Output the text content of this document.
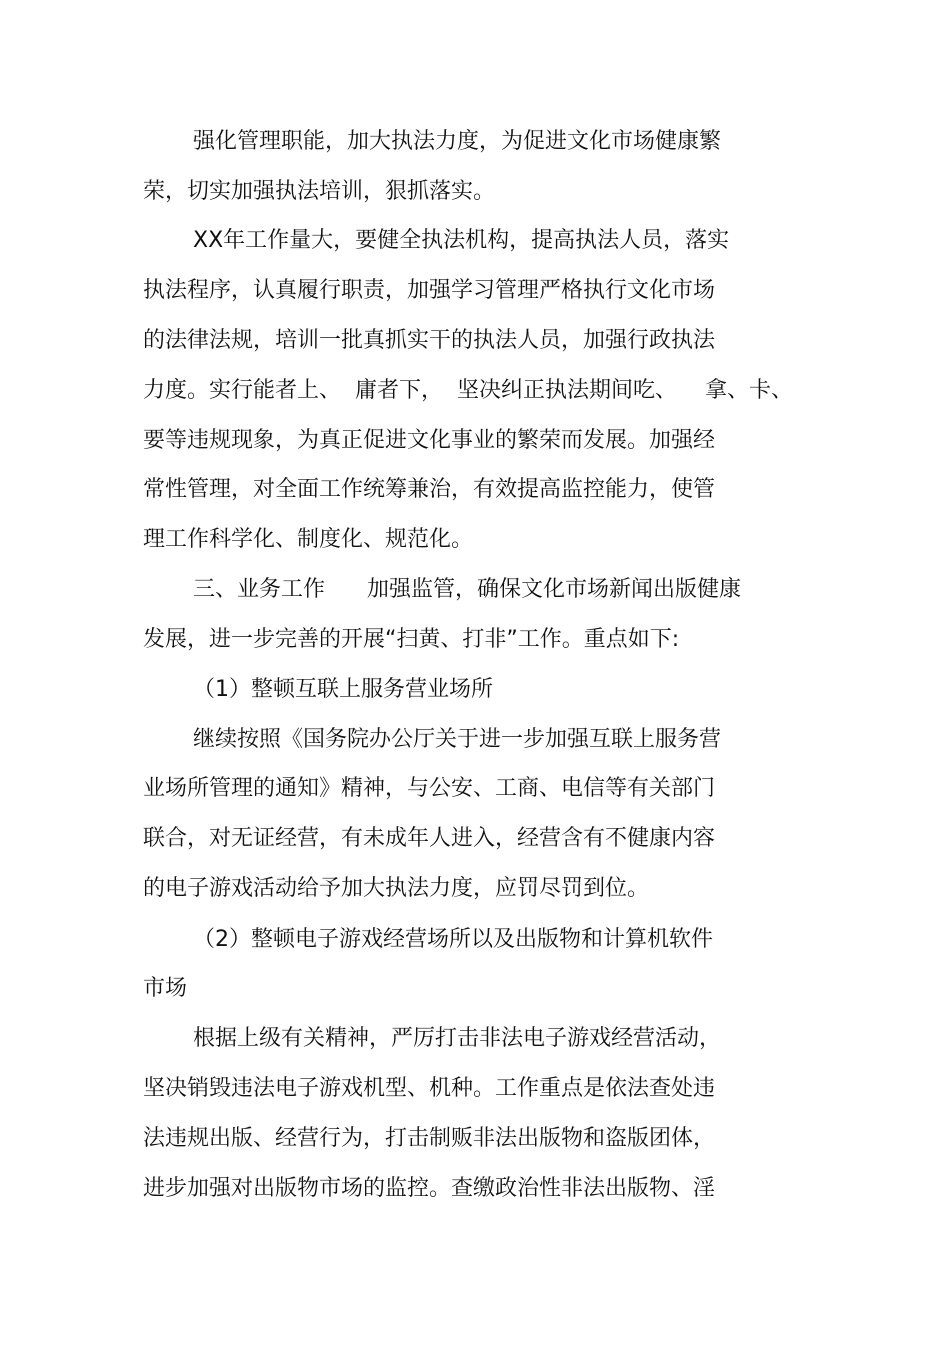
强化管理职能，加大执法力度，为促进文化市场健康繁

荣，切实加强执法培训，狠抓落实。

XX年工作量大，要健全执法机构，提高执法人员，落实

执法程序，认真履行职责，加强学习管理严格执行文化市场

的法律法规，培训一批真抓实干的执法人员，加强行政执法

力度。实行能者上、  庸者下，  坚决纠正执法期间吃、    拿、卡、

要等违规现象，为真正促进文化事业的繁荣而发展。加强经

常性管理，对全面工作统筹兼治，有效提高监控能力，使管

理工作科学化、制度化、规范化。

三、业务工作      加强监管，确保文化市场新闻出版健康

发展，进一步完善的开展“扫黄、打非”工作。重点如下:

（1）整顿互联上服务营业场所

继续按照《国务院办公厅关于进一步加强互联上服务营

业场所管理的通知》精神，与公安、工商、电信等有关部门

联合，对无证经营，有未成年人进入，经营含有不健康内容

的电子游戏活动给予加大执法力度，应罚尽罚到位。

（2）整顿电子游戏经营场所以及出版物和计算机软件

市场

根据上级有关精神，严厉打击非法电子游戏经营活动，

坚决销毁违法电子游戏机型、机种。工作重点是依法查处违

法违规出版、经营行为，打击制贩非法出版物和盗版团体，

进步加强对出版物市场的监控。查缴政治性非法出版物、淫
